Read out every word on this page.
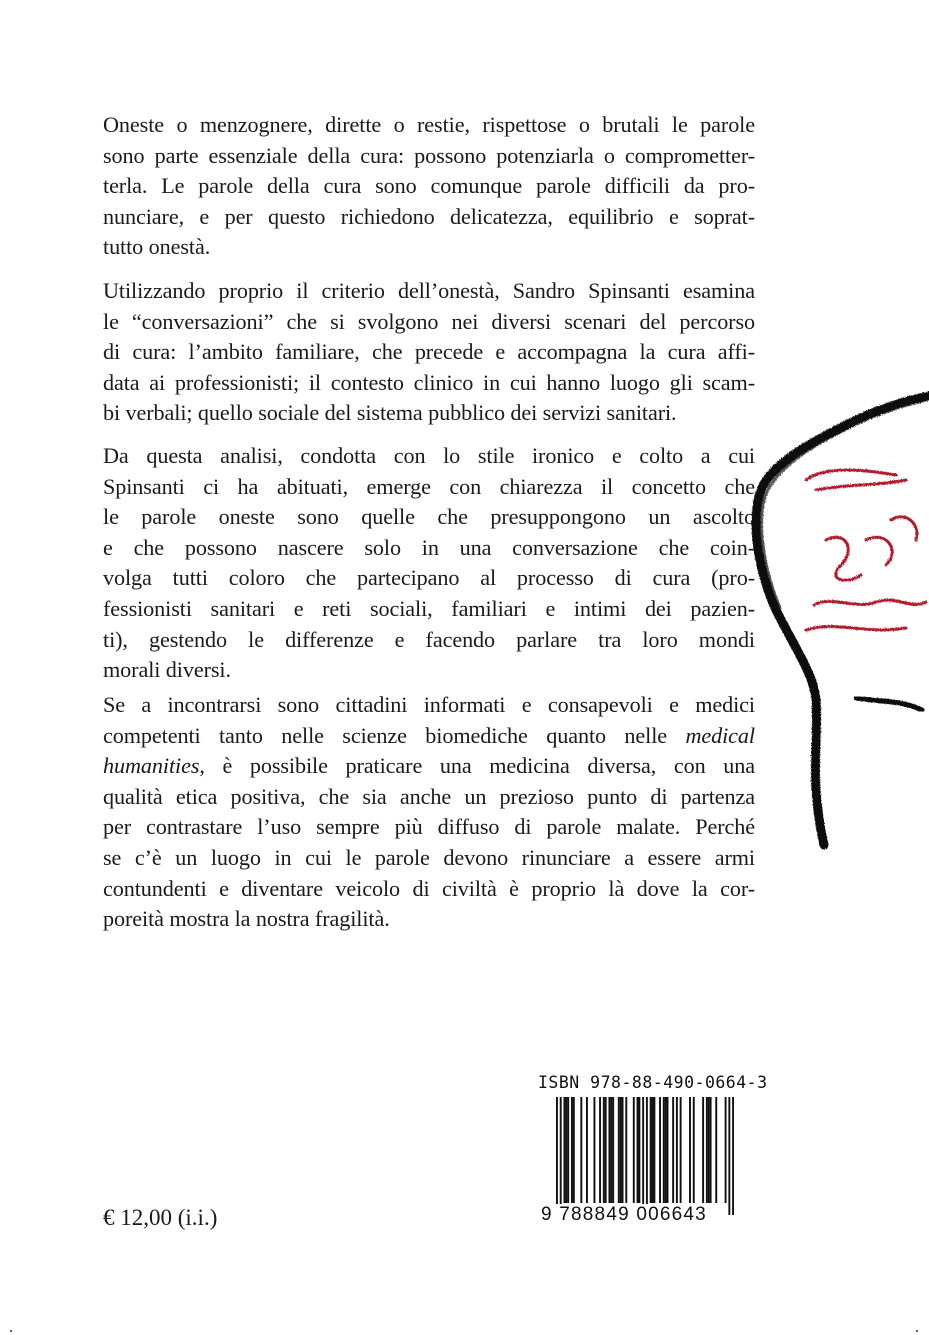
Oneste o menzognere, dirette o restie, rispettose o brutali le parole
sono parte essenziale della cura: possono potenziarla o comprometter-
terla. Le parole della cura sono comunque parole difficili da pro-
nunciare, e per questo richiedono delicatezza, equilibrio e soprat-
tutto onestà.
Utilizzando proprio il criterio dell’onestà, Sandro Spinsanti esamina
le “conversazioni” che si svolgono nei diversi scenari del percorso
di cura: l’ambito familiare, che precede e accompagna la cura affi-
data ai professionisti; il contesto clinico in cui hanno luogo gli scam-
bi verbali; quello sociale del sistema pubblico dei servizi sanitari.
Da questa analisi, condotta con lo stile ironico e colto a cui
Spinsanti ci ha abituati, emerge con chiarezza il concetto che
le parole oneste sono quelle che presuppongono un ascolto
e che possono nascere solo in una conversazione che coin-
volga tutti coloro che partecipano al processo di cura (pro-
fessionisti sanitari e reti sociali, familiari e intimi dei pazien-
ti), gestendo le differenze e facendo parlare tra loro mondi
morali diversi.
Se a incontrarsi sono cittadini informati e consapevoli e medici
competenti tanto nelle scienze biomediche quanto nelle medical
humanities, è possibile praticare una medicina diversa, con una
qualità etica positiva, che sia anche un prezioso punto di partenza
per contrastare l’uso sempre più diffuso di parole malate. Perché
se c’è un luogo in cui le parole devono rinunciare a essere armi
contundenti e diventare veicolo di civiltà è proprio là dove la cor-
poreità mostra la nostra fragilità.
ISBN 978-88-490-0664-3
9 788849 006643
€ 12,00 (i.i.)
